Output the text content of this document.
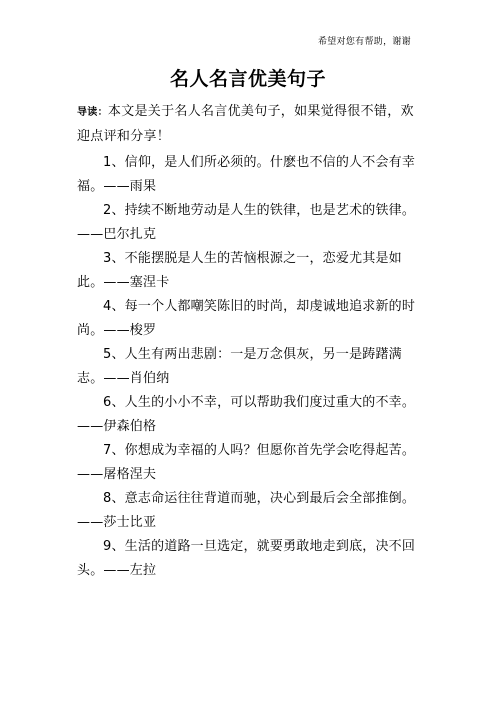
希望对您有帮助，谢谢
名人名言优美句子
导读：本文是关于名人名言优美句子，如果觉得很不错，欢迎点评和分享！
1、信仰，是人们所必须的。什麽也不信的人不会有幸福。——雨果
2、持续不断地劳动是人生的铁律，也是艺术的铁律。——巴尔扎克
3、不能摆脱是人生的苦恼根源之一，恋爱尤其是如此。——塞涅卡
4、每一个人都嘲笑陈旧的时尚，却虔诚地追求新的时尚。——梭罗
5、人生有两出悲剧：一是万念俱灰，另一是踌躇满志。——肖伯纳
6、人生的小小不幸，可以帮助我们度过重大的不幸。——伊森伯格
7、你想成为幸福的人吗？但愿你首先学会吃得起苦。——屠格涅夫
8、意志命运往往背道而驰，决心到最后会全部推倒。——莎士比亚
9、生活的道路一旦选定，就要勇敢地走到底，决不回头。——左拉
